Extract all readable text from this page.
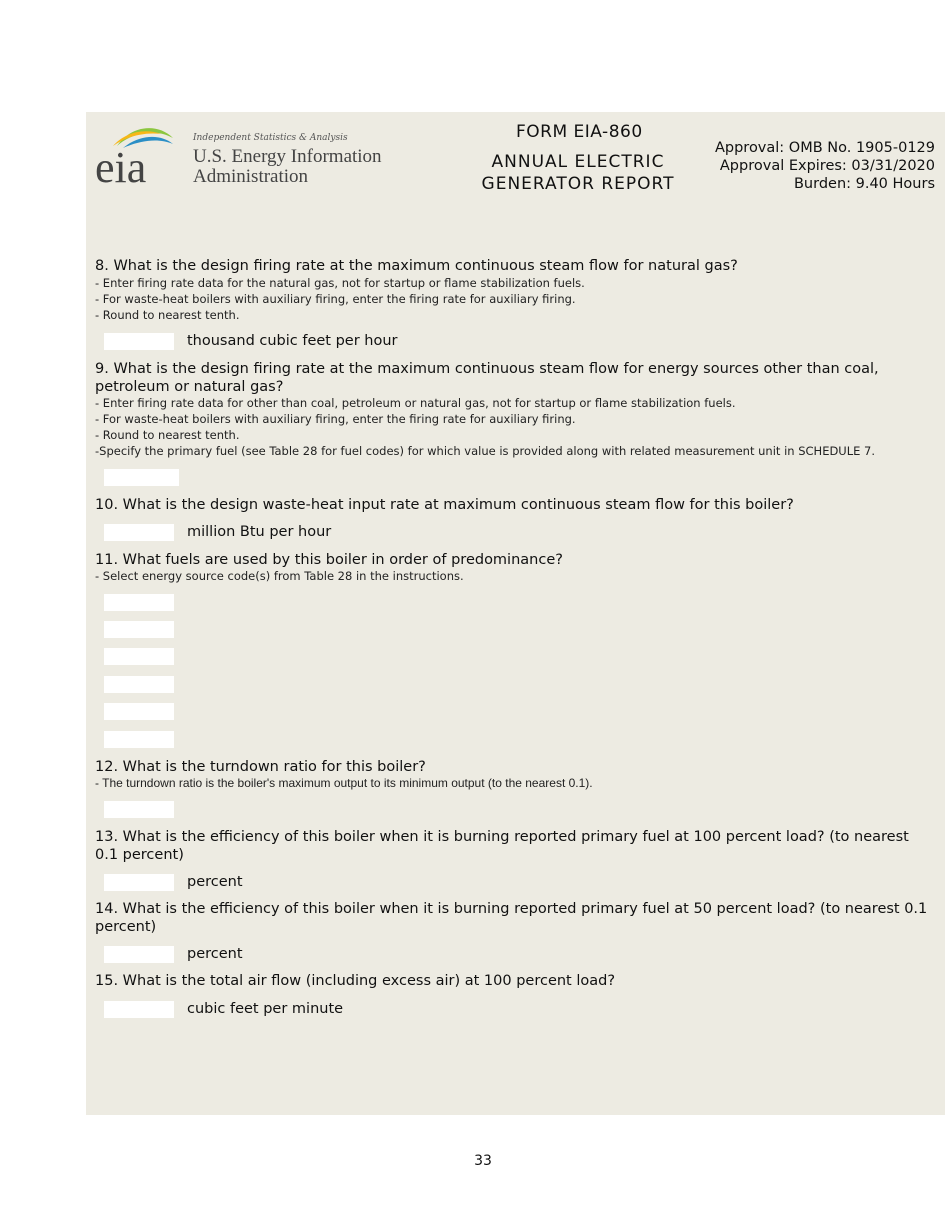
eia
Independent Statistics & Analysis
U.S. Energy Information
Administration
FORM EIA-860
ANNUAL ELECTRIC
GENERATOR REPORT
Approval: OMB No. 1905-0129
Approval Expires: 03/31/2020
Burden: 9.40 Hours
8. What is the design firing rate at the maximum continuous steam flow for natural gas?
- Enter firing rate data for the natural gas, not for startup or flame stabilization fuels.
- For waste-heat boilers with auxiliary firing, enter the firing rate for auxiliary firing.
- Round to nearest tenth.
thousand cubic feet per hour
9. What is the design firing rate at the maximum continuous steam flow for energy sources other than coal,
petroleum or natural gas?
- Enter firing rate data for other than coal, petroleum or natural gas, not for startup or flame stabilization fuels.
- For waste-heat boilers with auxiliary firing, enter the firing rate for auxiliary firing.
- Round to nearest tenth.
-Specify the primary fuel (see Table 28 for fuel codes) for which value is provided along with related measurement unit in SCHEDULE 7.
10. What is the design waste-heat input rate at maximum continuous steam flow for this boiler?
million Btu per hour
11. What fuels are used by this boiler in order of predominance?
- Select energy source code(s) from Table 28 in the instructions.
12. What is the turndown ratio for this boiler?
- The turndown ratio is the boiler's maximum output to its minimum output (to the nearest 0.1).
13. What is the efficiency of this boiler when it is burning reported primary fuel at 100 percent load? (to nearest
0.1 percent)
percent
14. What is the efficiency of this boiler when it is burning reported primary fuel at 50 percent load? (to nearest 0.1
percent)
percent
15. What is the total air flow (including excess air) at 100 percent load?
cubic feet per minute
33
